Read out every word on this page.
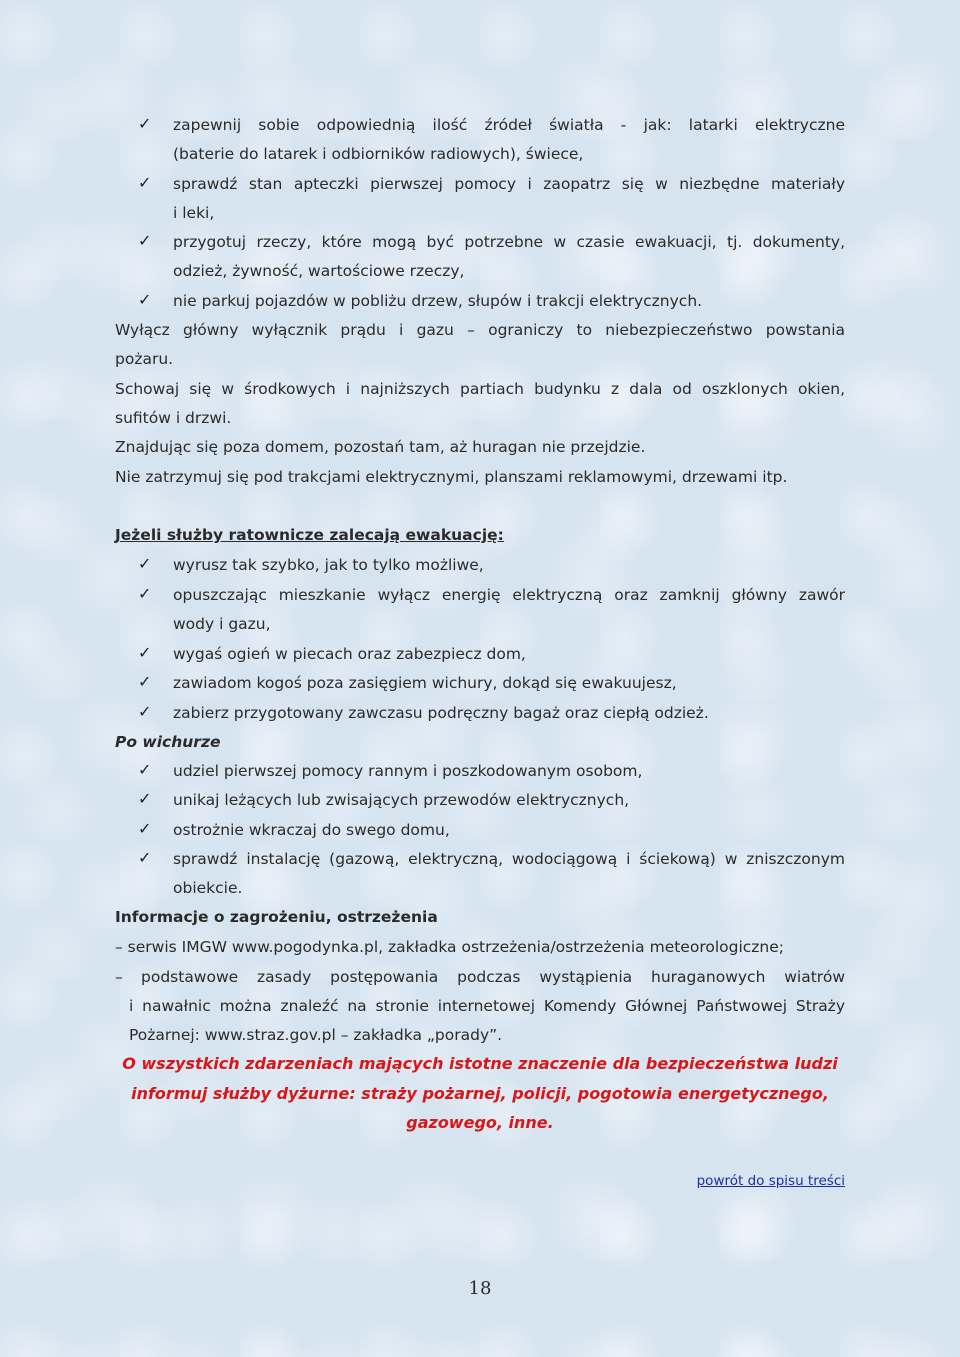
✓ zapewnij sobie odpowiednią ilość źródeł światła - jak: latarki elektryczne
(baterie do latarek i odbiorników radiowych), świece,
✓ sprawdź stan apteczki pierwszej pomocy i zaopatrz się w niezbędne materiały
i leki,
✓ przygotuj rzeczy, które mogą być potrzebne w czasie ewakuacji, tj. dokumenty,
odzież, żywność, wartościowe rzeczy,
✓ nie parkuj pojazdów w pobliżu drzew, słupów i trakcji elektrycznych.
Wyłącz główny wyłącznik prądu i gazu – ograniczy to niebezpieczeństwo powstania
pożaru.
Schowaj się w środkowych i najniższych partiach budynku z dala od oszklonych okien,
sufitów i drzwi.
Znajdując się poza domem, pozostań tam, aż huragan nie przejdzie.
Nie zatrzymuj się pod trakcjami elektrycznymi, planszami reklamowymi, drzewami itp.
Jeżeli służby ratownicze zalecają ewakuację:
✓ wyrusz tak szybko, jak to tylko możliwe,
✓ opuszczając mieszkanie wyłącz energię elektryczną oraz zamknij główny zawór
wody i gazu,
✓ wygaś ogień w piecach oraz zabezpiecz dom,
✓ zawiadom kogoś poza zasięgiem wichury, dokąd się ewakuujesz,
✓ zabierz przygotowany zawczasu podręczny bagaż oraz ciepłą odzież.
Po wichurze
✓ udziel pierwszej pomocy rannym i poszkodowanym osobom,
✓ unikaj leżących lub zwisających przewodów elektrycznych,
✓ ostrożnie wkraczaj do swego domu,
✓ sprawdź instalację (gazową, elektryczną, wodociągową i ściekową) w zniszczonym
obiekcie.
Informacje o zagrożeniu, ostrzeżenia
– serwis IMGW www.pogodynka.pl, zakładka ostrzeżenia/ostrzeżenia meteorologiczne;
– podstawowe zasady postępowania podczas wystąpienia huraganowych wiatrów
i nawałnic można znaleźć na stronie internetowej Komendy Głównej Państwowej Straży
Pożarnej: www.straz.gov.pl – zakładka „porady”.
O wszystkich zdarzeniach mających istotne znaczenie dla bezpieczeństwa ludzi
informuj służby dyżurne: straży pożarnej, policji, pogotowia energetycznego,
gazowego, inne.
powrót do spisu treści
18
